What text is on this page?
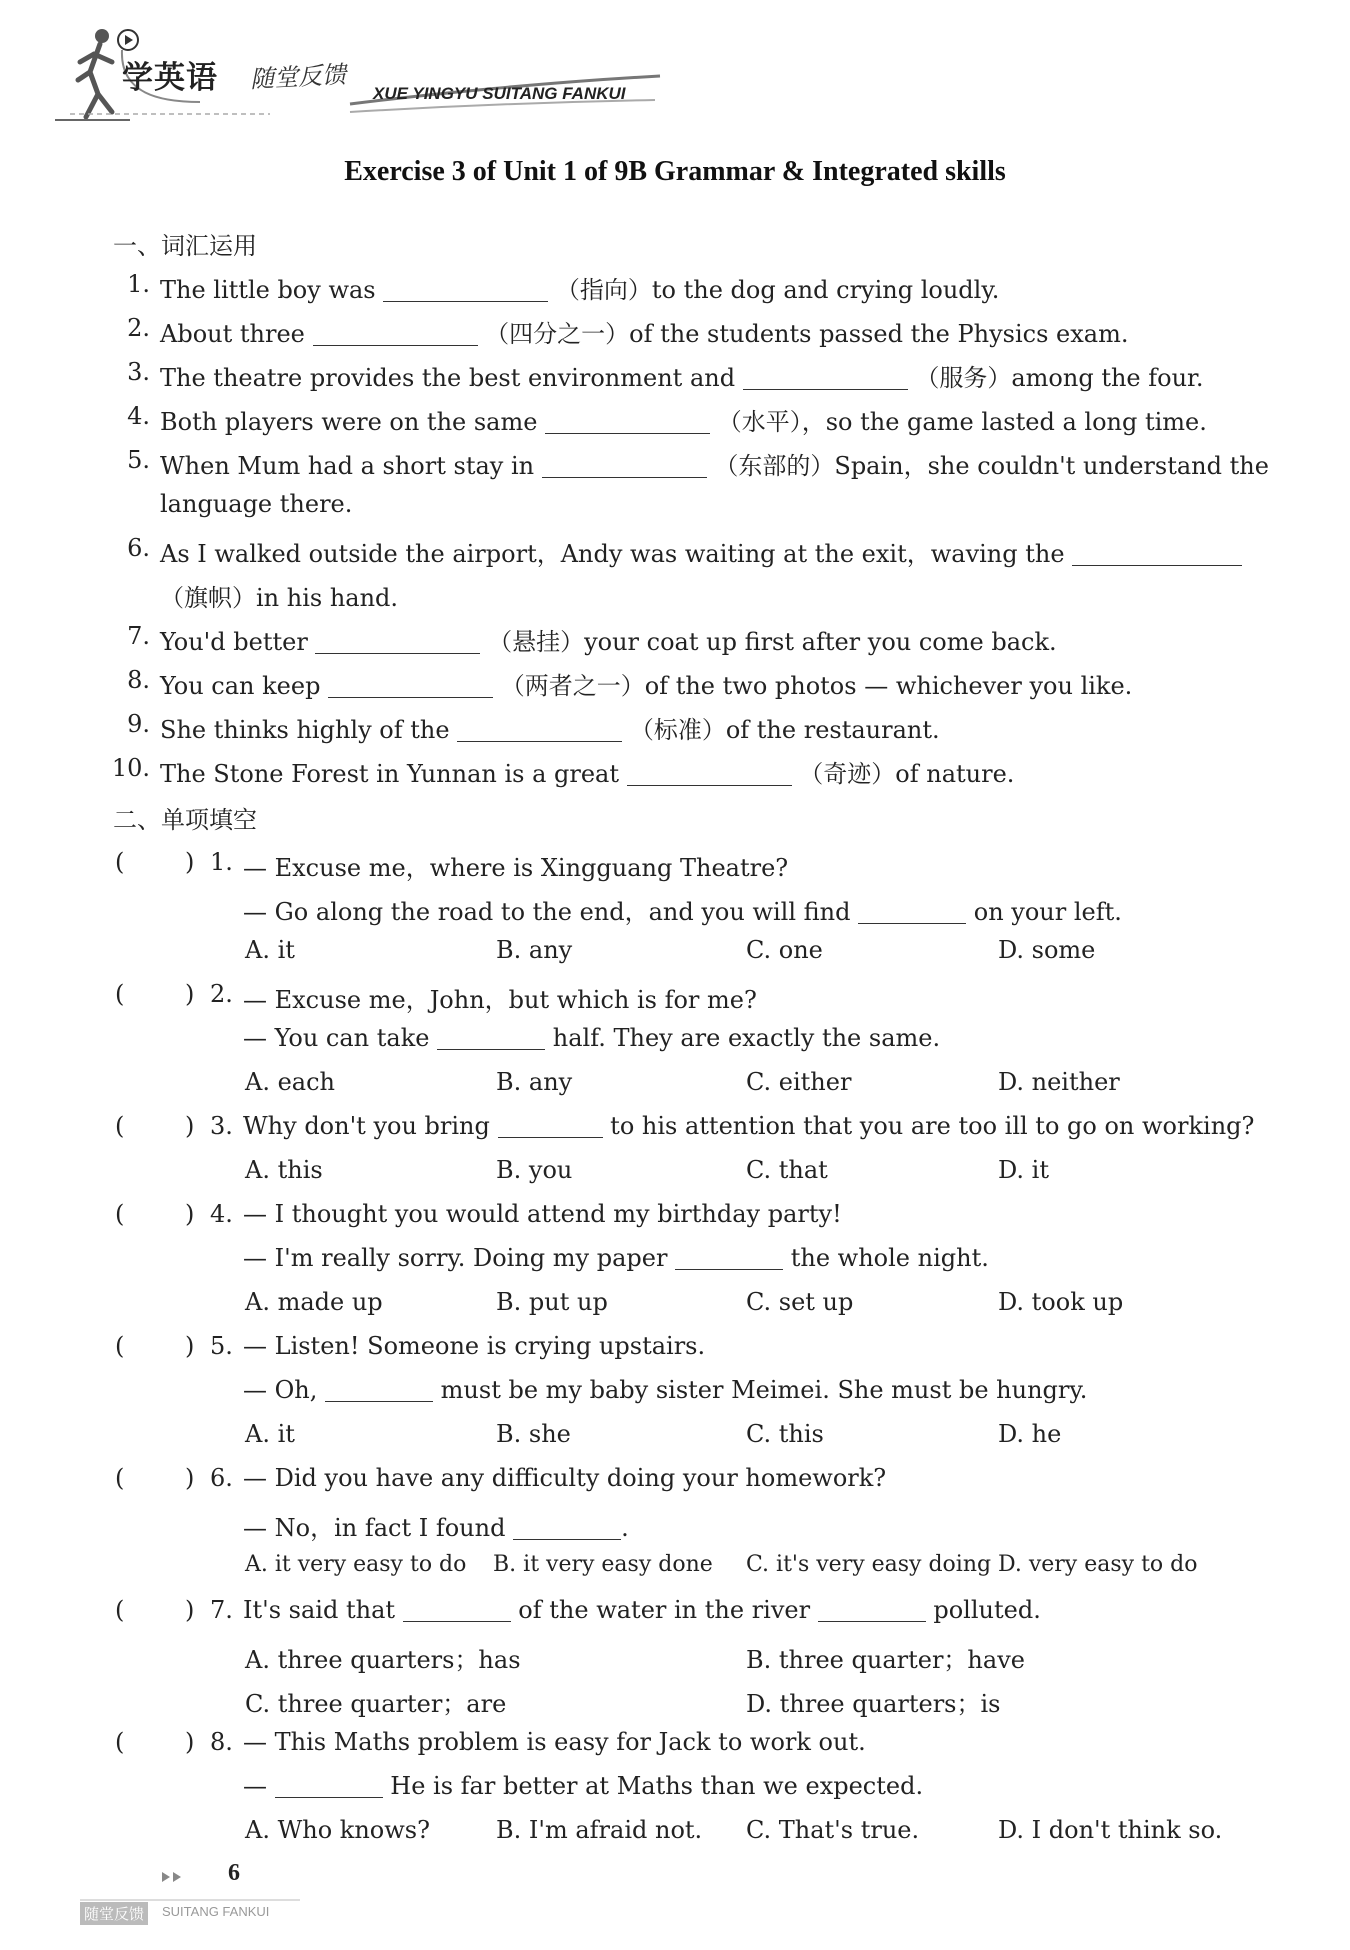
学英语 随堂反馈
XUE YINGYU SUITANG FANKUI
Exercise 3 of Unit 1 of 9B Grammar & Integrated skills
一、词汇运用
1. The little boy was	（指向）to the dog and crying loudly.
2. About three	（四分之一）of the students passed the Physics exam.
3. The theatre provides the best environment and	（服务）among the four.
4. Both players were on the same	（水平），so the game lasted a long time.
5. When Mum had a short stay in	（东部的）Spain，she couldn't understand the
language there.
6. As I walked outside the airport，Andy was waiting at the exit，waving the
（旗帜）in his hand.
7. You'd better	（悬挂）your coat up first after you come back.
8. You can keep	（两者之一）of the two photos — whichever you like.
9. She thinks highly of the	（标准）of the restaurant.
10. The Stone Forest in Yunnan is a great	（奇迹）of nature.
二、单项填空
(	) 1. — Excuse me，where is Xingguang Theatre?
— Go along the road to the end，and you will find	on your left.
A. it	B. any	C. one	D. some
(	) 2. — Excuse me，John，but which is for me?
— You can take	half. They are exactly the same.
A. each	B. any	C. either	D. neither
(	) 3. Why don't you bring	to his attention that you are too ill to go on working?
A. this	B. you	C. that	D. it
(	) 4. — I thought you would attend my birthday party!
— I'm really sorry. Doing my paper	the whole night.
A. made up	B. put up	C. set up	D. took up
(	) 5. — Listen! Someone is crying upstairs.
— Oh,	must be my baby sister Meimei. She must be hungry.
A. it	B. she	C. this	D. he
(	) 6. — Did you have any difficulty doing your homework?
— No，in fact I found	.
A. it very easy to do B. it very easy done C. it's very easy doing D. very easy to do
(	) 7. It's said that	of the water in the river	polluted.
A. three quarters；has	B. three quarter；have
C. three quarter；are	D. three quarters；is
(	) 8. — This Maths problem is easy for Jack to work out.
—	He is far better at Maths than we expected.
A. Who knows?	B. I'm afraid not. C. That's true.	D. I don't think so.
6
随堂反馈	SUITANG FANKUI
